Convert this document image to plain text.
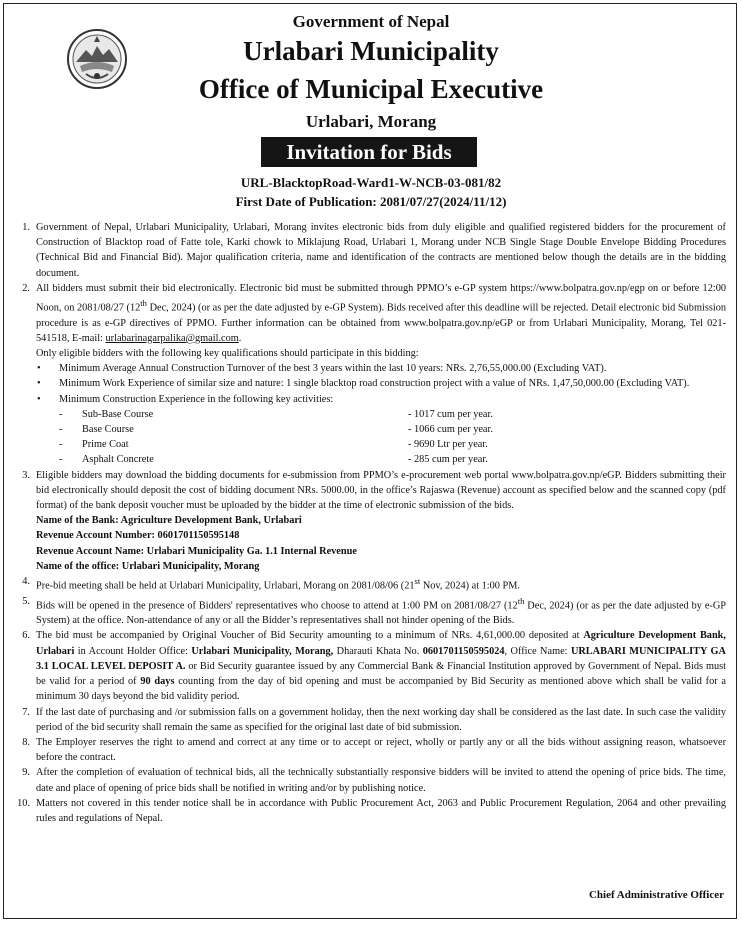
Government of Nepal
Urlabari Municipality
Office of Municipal Executive
Urlabari, Morang
Invitation for Bids
URL-BlacktopRoad-Ward1-W-NCB-03-081/82
First Date of Publication: 2081/07/27(2024/11/12)
1. Government of Nepal, Urlabari Municipality, Urlabari, Morang invites electronic bids from duly eligible and qualified registered bidders for the procurement of Construction of Blacktop road of Fatte tole, Karki chowk to Miklajung Road, Urlabari 1, Morang under NCB Single Stage Double Envelope Bidding Procedures (Technical Bid and Financial Bid). Major qualification criteria, name and identification of the contracts are mentioned below though the details are in the bidding document.
2. All bidders must submit their bid electronically. Electronic bid must be submitted through PPMO’s e-GP system https://www.bolpatra.gov.np/egp on or before 12:00 Noon, on 2081/08/27 (12th Dec, 2024) (or as per the date adjusted by e-GP System). Bids received after this deadline will be rejected. Detail electronic bid Submission procedure is as e-GP directives of PPMO. Further information can be obtained from www.bolpatra.gov.np/eGP or from Urlabari Municipality, Morang, Tel 021-541518, E-mail: urlabarinagarpalika@gmail.com.
Only eligible bidders with the following key qualifications should participate in this bidding:
• Minimum Average Annual Construction Turnover of the best 3 years within the last 10 years: NRs. 2,76,55,000.00 (Excluding VAT).
• Minimum Work Experience of similar size and nature: 1 single blacktop road construction project with a value of NRs. 1,47,50,000.00 (Excluding VAT).
• Minimum Construction Experience in the following key activities:
- Sub-Base Course	- 1017 cum per year.
- Base Course	- 1066 cum per year.
- Prime Coat	- 9690 Ltr per year.
- Asphalt Concrete	- 285 cum per year.
3. Eligible bidders may download the bidding documents for e-submission from PPMO’s e-procurement web portal www.bolpatra.gov.np/eGP. Bidders submitting their bid electronically should deposit the cost of bidding document NRs. 5000.00, in the office’s Rajaswa (Revenue) account as specified below and the scanned copy (pdf format) of the bank deposit voucher must be uploaded by the bidder at the time of electronic submission of the bids.
Name of the Bank: Agriculture Development Bank, Urlabari
Revenue Account Number: 0601701150595148
Revenue Account Name: Urlabari Municipality Ga. 1.1 Internal Revenue
Name of the office: Urlabari Municipality, Morang
4. Pre-bid meeting shall be held at Urlabari Municipality, Urlabari, Morang on 2081/08/06 (21st Nov, 2024) at 1:00 PM.
5. Bids will be opened in the presence of Bidders' representatives who choose to attend at 1:00 PM on 2081/08/27 (12th Dec, 2024) (or as per the date adjusted by e-GP System) at the office. Non-attendance of any or all the Bidder’s representatives shall not hinder opening of the Bids.
6. The bid must be accompanied by Original Voucher of Bid Security amounting to a minimum of NRs. 4,61,000.00 deposited at Agriculture Development Bank, Urlabari in Account Holder Office: Urlabari Municipality, Morang, Dharauti Khata No. 0601701150595024, Office Name: URLABARI MUNICIPALITY GA 3.1 LOCAL LEVEL DEPOSIT A. or Bid Security guarantee issued by any Commercial Bank & Financial Institution approved by Government of Nepal. Bids must be valid for a period of 90 days counting from the day of bid opening and must be accompanied by Bid Security as mentioned above which shall be valid for a minimum 30 days beyond the bid validity period.
7. If the last date of purchasing and /or submission falls on a government holiday, then the next working day shall be considered as the last date. In such case the validity period of the bid security shall remain the same as specified for the original last date of bid submission.
8. The Employer reserves the right to amend and correct at any time or to accept or reject, wholly or partly any or all the bids without assigning reason, whatsoever before the contract.
9. After the completion of evaluation of technical bids, all the technically substantially responsive bidders will be invited to attend the opening of price bids. The time, date and place of opening of price bids shall be notified in writing and/or by publishing notice.
10. Matters not covered in this tender notice shall be in accordance with Public Procurement Act, 2063 and Public Procurement Regulation, 2064 and other prevailing rules and regulations of Nepal.
Chief Administrative Officer
